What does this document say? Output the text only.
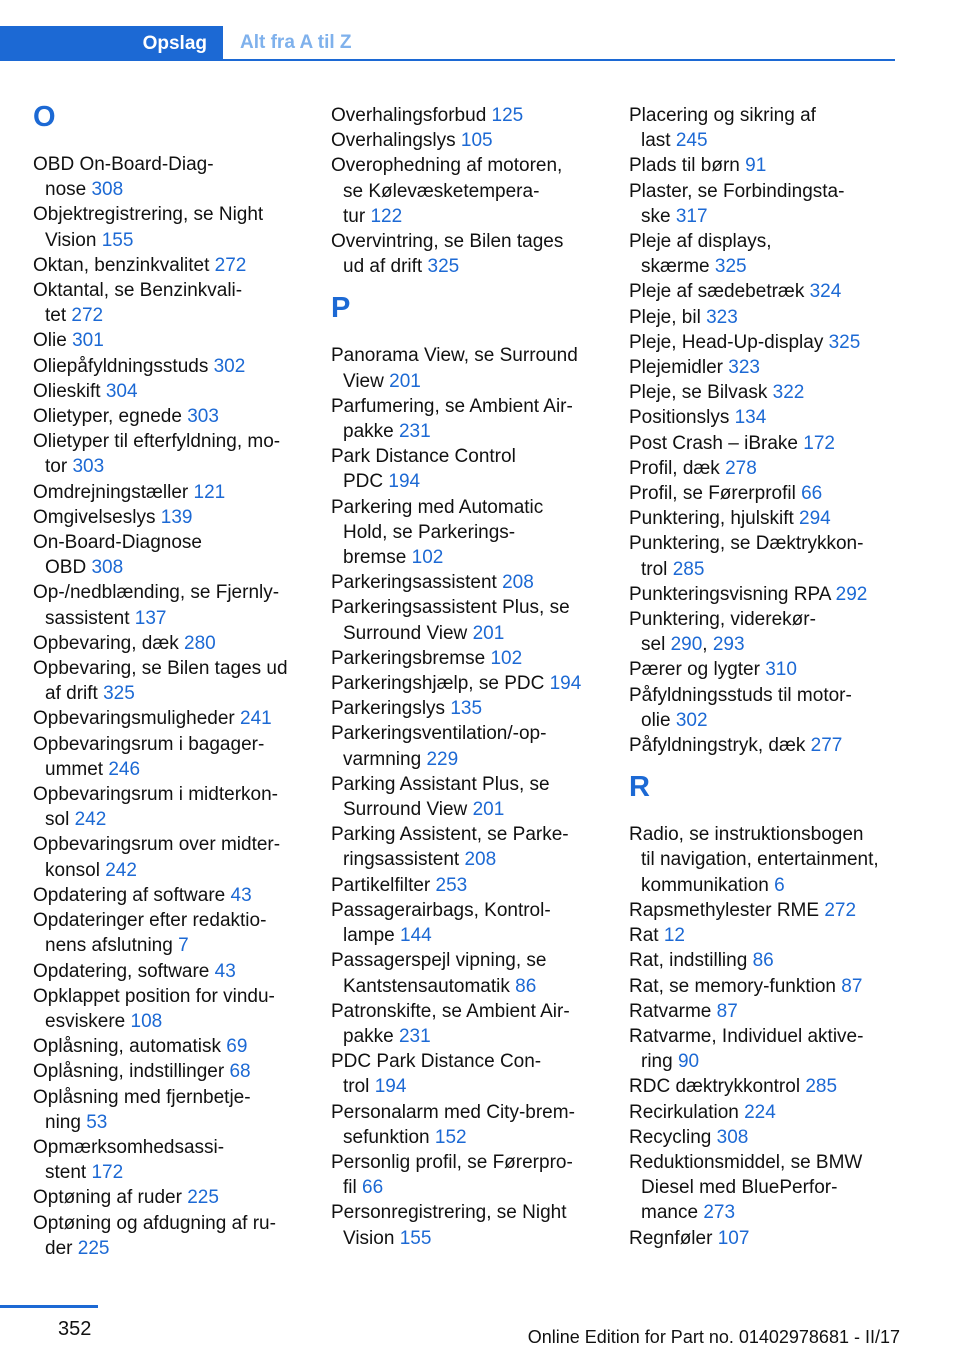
Opslag Alt fra A til Z
O
OBD On-Board-Diag-
nose 308
Objektregistrering, se Night
Vision 155
Oktan, benzinkvalitet 272
Oktantal, se Benzinkvali-
tet 272
Olie 301
Oliepåfyldningsstuds 302
Olieskift 304
Olietyper, egnede 303
Olietyper til efterfyldning, mo-
tor 303
Omdrejningstæller 121
Omgivelseslys 139
On-Board-Diagnose
OBD 308
Op-/nedblænding, se Fjernly-
sassistent 137
Opbevaring, dæk 280
Opbevaring, se Bilen tages ud
af drift 325
Opbevaringsmuligheder 241
Opbevaringsrum i bagager-
ummet 246
Opbevaringsrum i midterkon-
sol 242
Opbevaringsrum over midter-
konsol 242
Opdatering af software 43
Opdateringer efter redaktio-
nens afslutning 7
Opdatering, software 43
Opklappet position for vindu-
esviskere 108
Oplåsning, automatisk 69
Oplåsning, indstillinger 68
Oplåsning med fjernbetje-
ning 53
Opmærksomhedsassi-
stent 172
Optøning af ruder 225
Optøning og afdugning af ru-
der 225
Overhalingsforbud 125
Overhalingslys 105
Overophedning af motoren,
se Kølevæsketempera-
tur 122
Overvintring, se Bilen tages
ud af drift 325
P
Panorama View, se Surround
View 201
Parfumering, se Ambient Air-
pakke 231
Park Distance Control
PDC 194
Parkering med Automatic
Hold, se Parkerings-
bremse 102
Parkeringsassistent 208
Parkeringsassistent Plus, se
Surround View 201
Parkeringsbremse 102
Parkeringshjælp, se PDC 194
Parkeringslys 135
Parkeringsventilation/-op-
varmning 229
Parking Assistant Plus, se
Surround View 201
Parking Assistent, se Parke-
ringsassistent 208
Partikelfilter 253
Passagerairbags, Kontrol-
lampe 144
Passagerspejl vipning, se
Kantstensautomatik 86
Patronskifte, se Ambient Air-
pakke 231
PDC Park Distance Con-
trol 194
Personalarm med City-brem-
sefunktion 152
Personlig profil, se Førerpro-
fil 66
Personregistrering, se Night
Vision 155
Placering og sikring af
last 245
Plads til børn 91
Plaster, se Forbindingsta-
ske 317
Pleje af displays,
skærme 325
Pleje af sædebetræk 324
Pleje, bil 323
Pleje, Head-Up-display 325
Plejemidler 323
Pleje, se Bilvask 322
Positionslys 134
Post Crash – iBrake 172
Profil, dæk 278
Profil, se Førerprofil 66
Punktering, hjulskift 294
Punktering, se Dæktrykkon-
trol 285
Punkteringsvisning RPA 292
Punktering, viderekør-
sel 290, 293
Pærer og lygter 310
Påfyldningsstuds til motor-
olie 302
Påfyldningstryk, dæk 277
R
Radio, se instruktionsbogen
til navigation, entertainment,
kommunikation 6
Rapsmethylester RME 272
Rat 12
Rat, indstilling 86
Rat, se memory-funktion 87
Ratvarme 87
Ratvarme, Individuel aktive-
ring 90
RDC dæktrykkontrol 285
Recirkulation 224
Recycling 308
Reduktionsmiddel, se BMW
Diesel med BluePerfor-
mance 273
Regnføler 107
352	Online Edition for Part no. 01402978681 - II/17
